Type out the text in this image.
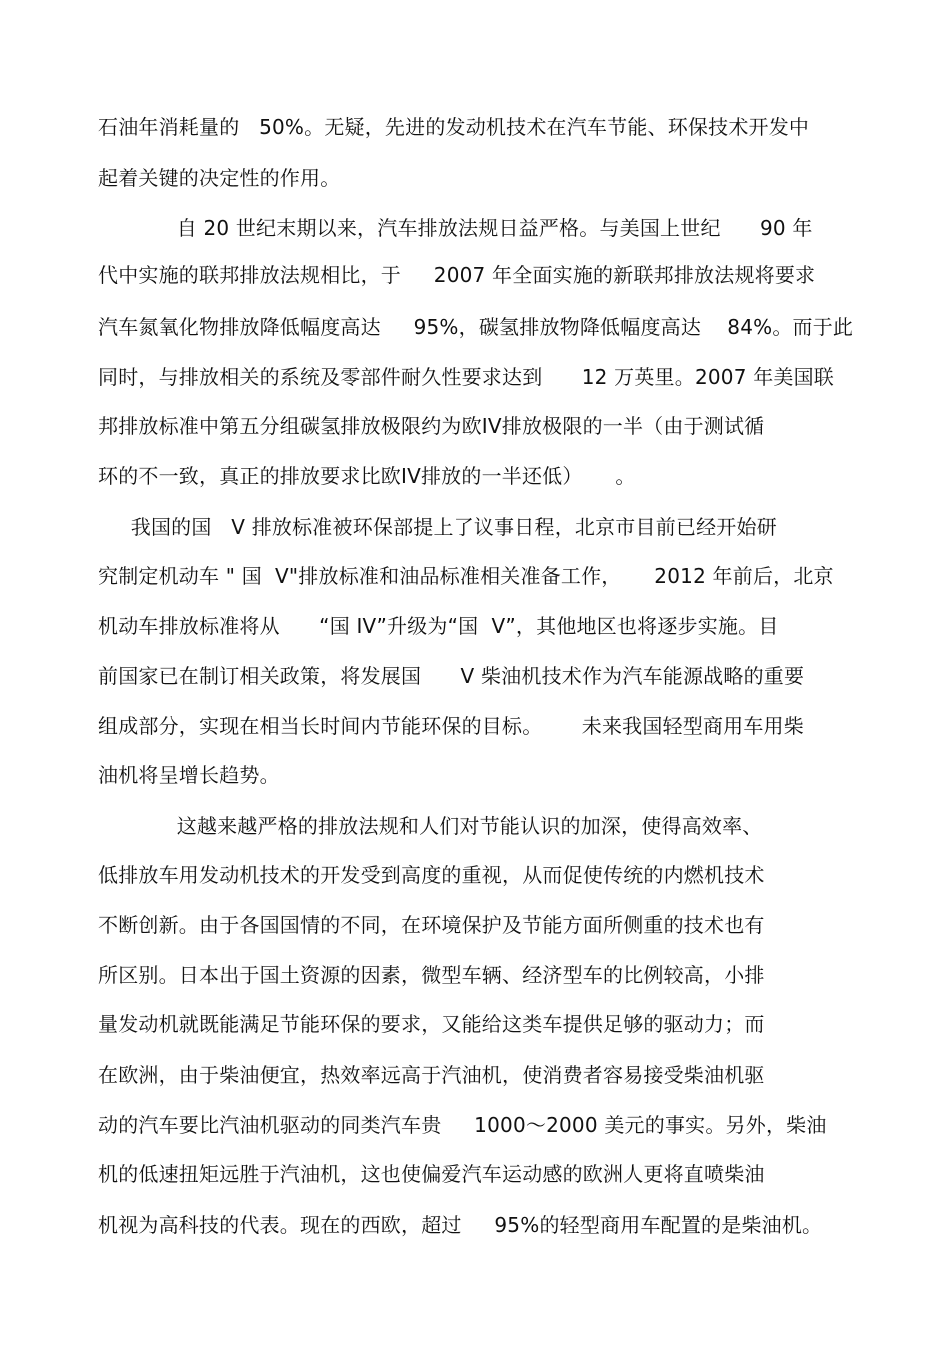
石油年消耗量的   50%。无疑，先进的发动机技术在汽车节能、环保技术开发中
起着关键的决定性的作用。
自 20 世纪末期以来，汽车排放法规日益严格。与美国上世纪      90 年
代中实施的联邦排放法规相比，于     2007 年全面实施的新联邦排放法规将要求
汽车氮氧化物排放降低幅度高达     95%，碳氢排放物降低幅度高达    84%。而于此
同时，与排放相关的系统及零部件耐久性要求达到      12 万英里。2007 年美国联
邦排放标准中第五分组碳氢排放极限约为欧IV排放极限的一半（由于测试循
环的不一致，真正的排放要求比欧IV排放的一半还低）     。
我国的国   V 排放标准被环保部提上了议事日程，北京市目前已经开始研
究制定机动车 " 国  V"排放标准和油品标准相关准备工作，     2012 年前后，北京
机动车排放标准将从      “国 IV”升级为“国  V”，其他地区也将逐步实施。目
前国家已在制订相关政策，将发展国      V 柴油机技术作为汽车能源战略的重要
组成部分，实现在相当长时间内节能环保的目标。      未来我国轻型商用车用柴
油机将呈增长趋势。
这越来越严格的排放法规和人们对节能认识的加深，使得高效率、
低排放车用发动机技术的开发受到高度的重视，从而促使传统的内燃机技术
不断创新。由于各国国情的不同，在环境保护及节能方面所侧重的技术也有
所区别。日本出于国土资源的因素，微型车辆、经济型车的比例较高，小排
量发动机就既能满足节能环保的要求，又能给这类车提供足够的驱动力；而
在欧洲，由于柴油便宜，热效率远高于汽油机，使消费者容易接受柴油机驱
动的汽车要比汽油机驱动的同类汽车贵     1000～2000 美元的事实。另外，柴油
机的低速扭矩远胜于汽油机，这也使偏爱汽车运动感的欧洲人更将直喷柴油
机视为高科技的代表。现在的西欧，超过     95%的轻型商用车配置的是柴油机。
